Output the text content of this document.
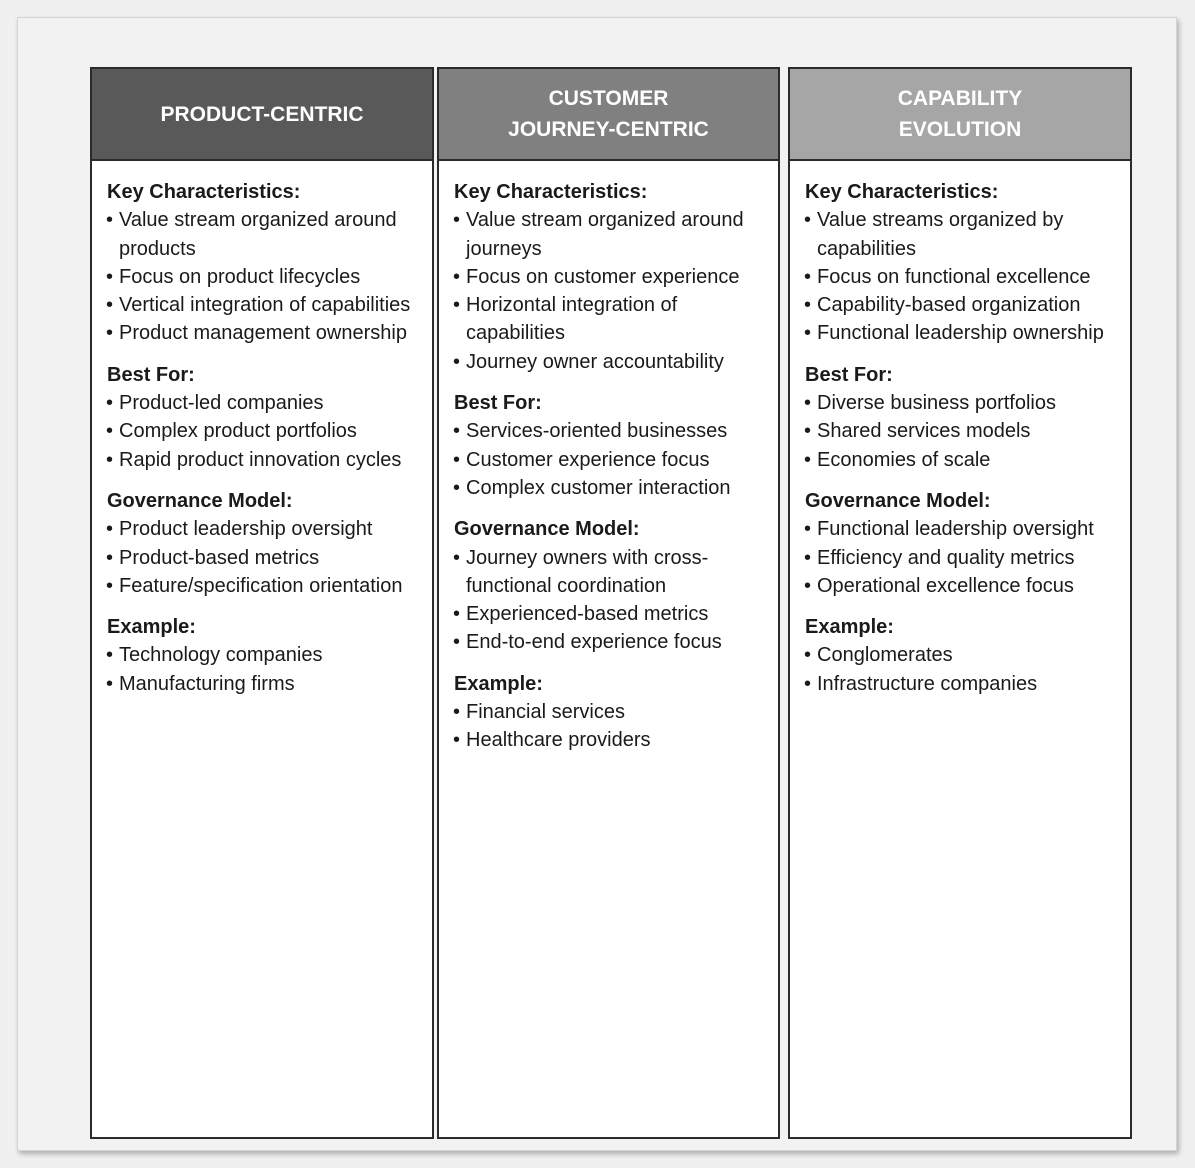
PRODUCT-CENTRIC
Key Characteristics:
• Value stream organized around products
• Focus on product lifecycles
• Vertical integration of capabilities
• Product management ownership
Best For:
• Product-led companies
• Complex product portfolios
• Rapid product innovation cycles
Governance Model:
• Product leadership oversight
• Product-based metrics
• Feature/specification orientation
Example:
• Technology companies
• Manufacturing firms
CUSTOMER
JOURNEY-CENTRIC
Key Characteristics:
• Value stream organized around journeys
• Focus on customer experience
• Horizontal integration of capabilities
• Journey owner accountability
Best For:
• Services-oriented businesses
• Customer experience focus
• Complex customer interaction
Governance Model:
• Journey owners with cross-functional coordination
• Experienced-based metrics
• End-to-end experience focus
Example:
• Financial services
• Healthcare providers
CAPABILITY
EVOLUTION
Key Characteristics:
• Value streams organized by capabilities
• Focus on functional excellence
• Capability-based organization
• Functional leadership ownership
Best For:
• Diverse business portfolios
• Shared services models
• Economies of scale
Governance Model:
• Functional leadership oversight
• Efficiency and quality metrics
• Operational excellence focus
Example:
• Conglomerates
• Infrastructure companies
